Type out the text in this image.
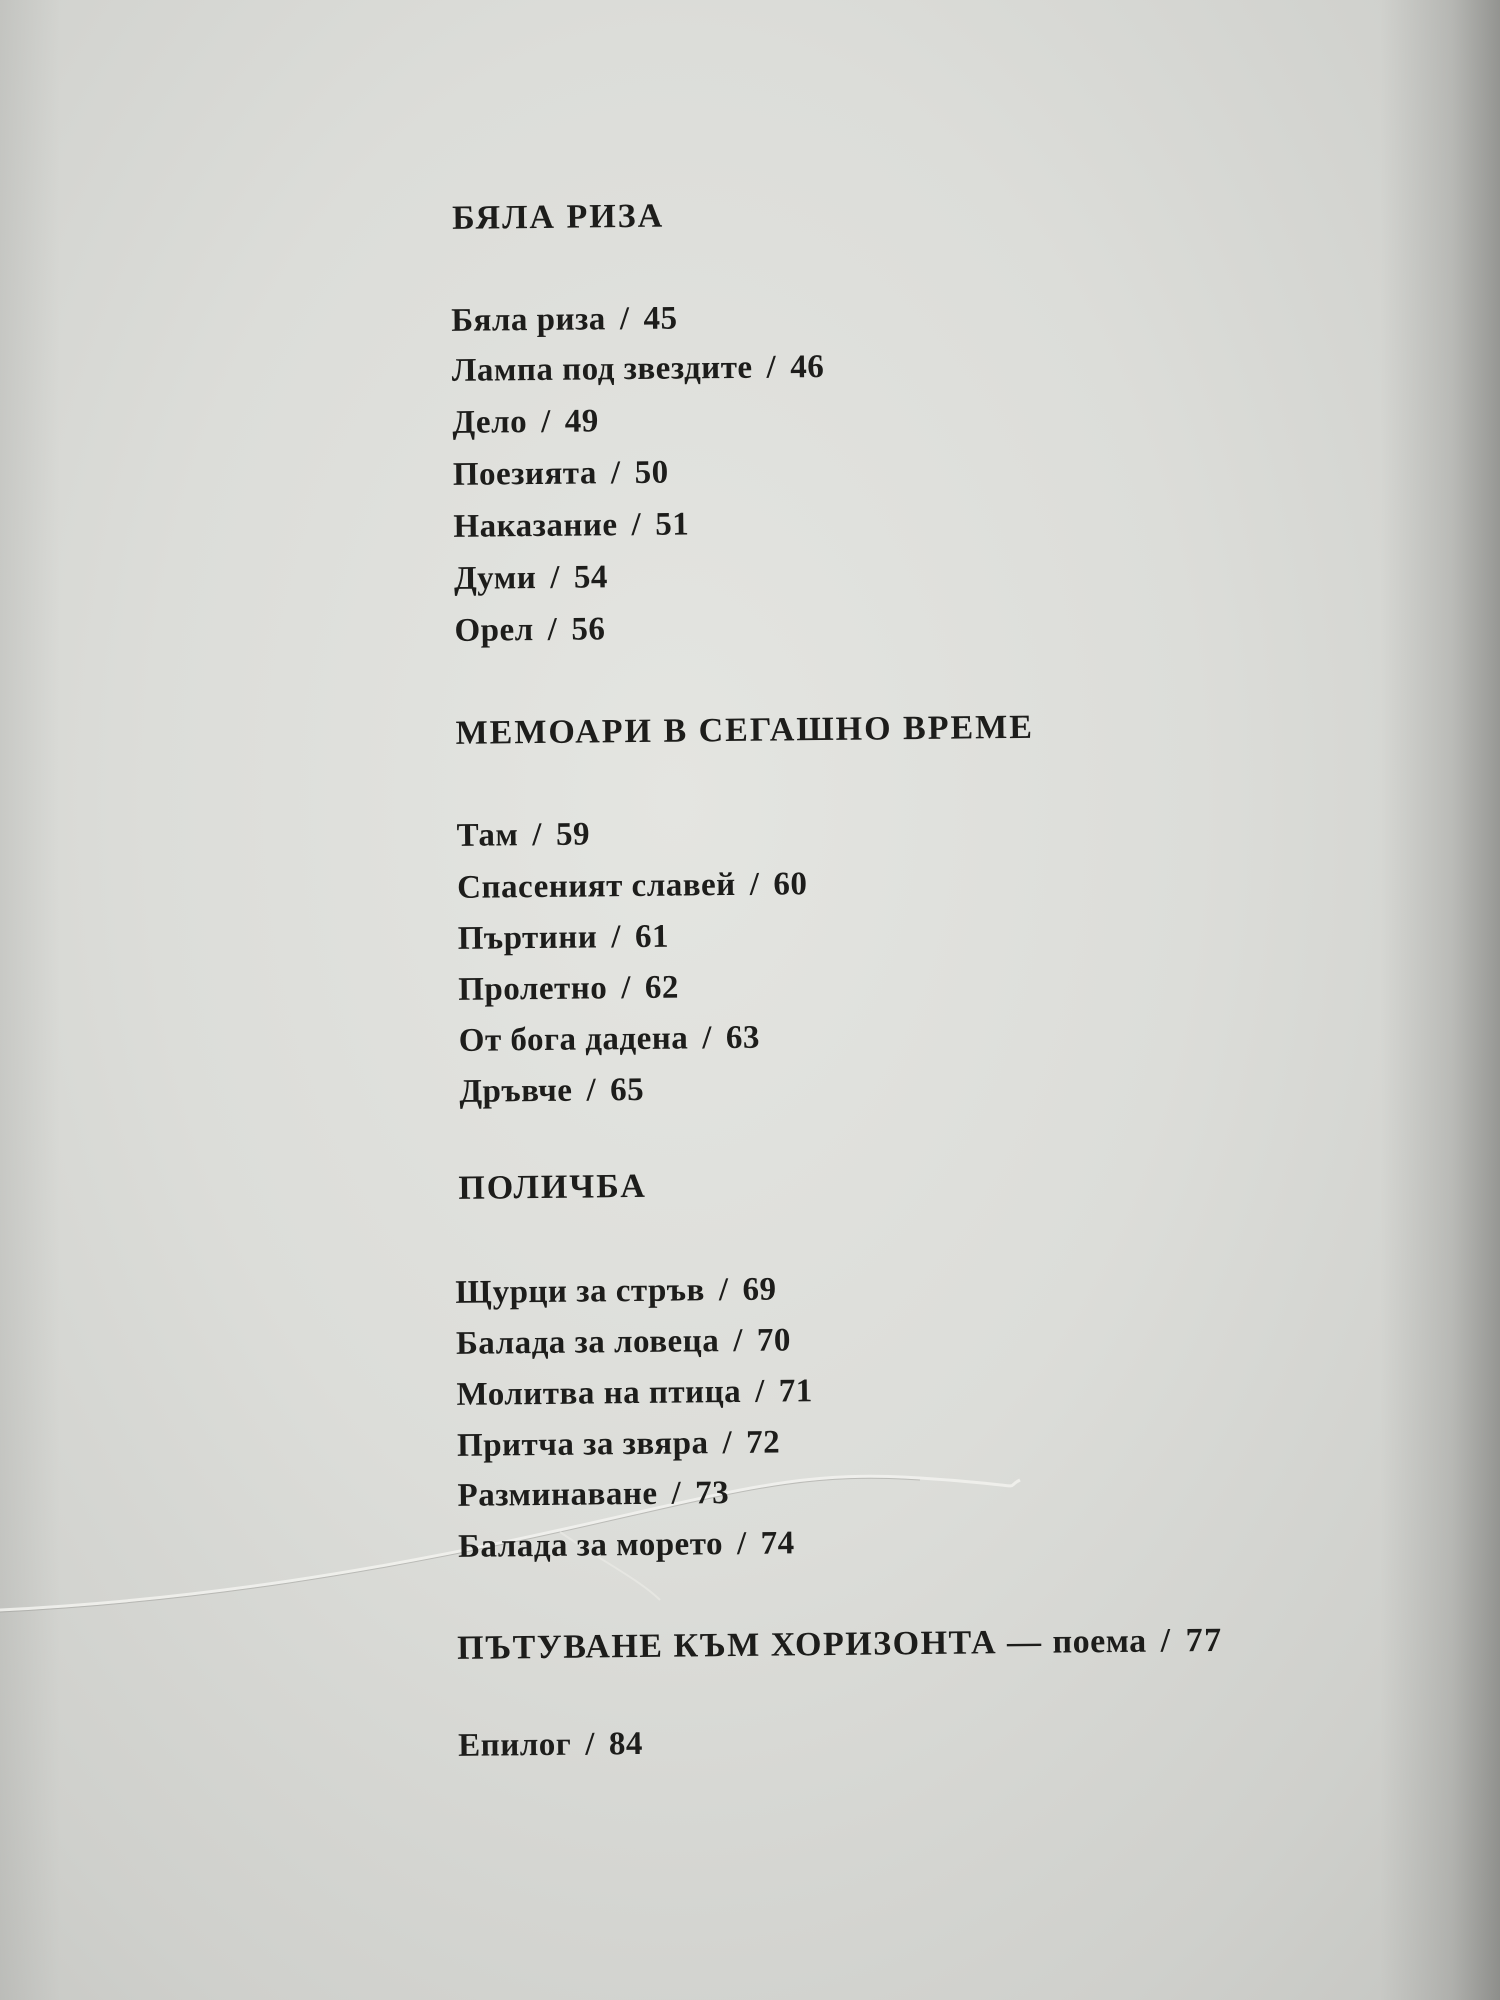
БЯЛА РИЗА
Бяла риза / 45
Лампа под звездите / 46
Дело / 49
Поезията / 50
Наказание / 51
Думи / 54
Орел / 56
МЕМОАРИ В СЕГАШНО ВРЕМЕ
Там / 59
Спасеният славей / 60
Пъртини / 61
Пролетно / 62
От бога дадена / 63
Дръвче / 65
ПОЛИЧБА
Щурци за стръв / 69
Балада за ловеца / 70
Молитва на птица / 71
Притча за звяра / 72
Разминаване / 73
Балада за морето / 74
ПЪТУВАНЕ КЪМ ХОРИЗОНТА — поема / 77
Епилог / 84
